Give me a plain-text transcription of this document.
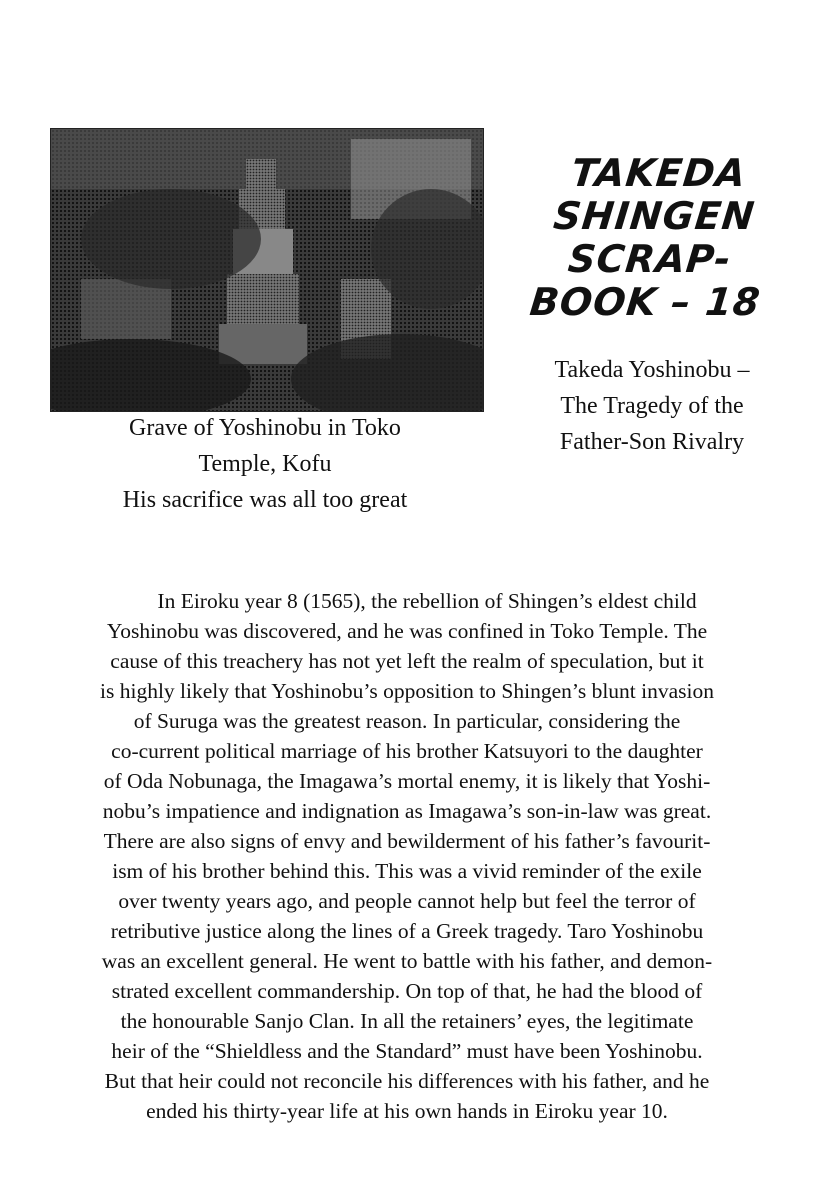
Grave of Yoshinobu in Toko
Temple, Kofu
His sacrifice was all too great
TAKEDA
SHINGEN
SCRAP-
BOOK – 18
Takeda Yoshinobu –
The Tragedy of the
Father-Son Rivalry
In Eiroku year 8 (1565), the rebellion of Shingen’s eldest child
Yoshinobu was discovered, and he was confined in Toko Temple. The
cause of this treachery has not yet left the realm of speculation, but it
is highly likely that Yoshinobu’s opposition to Shingen’s blunt invasion
of Suruga was the greatest reason. In particular, considering the
co-current political marriage of his brother Katsuyori to the daughter
of Oda Nobunaga, the Imagawa’s mortal enemy, it is likely that Yoshi-
nobu’s impatience and indignation as Imagawa’s son-in-law was great.
There are also signs of envy and bewilderment of his father’s favourit-
ism of his brother behind this. This was a vivid reminder of the exile
over twenty years ago, and people cannot help but feel the terror of
retributive justice along the lines of a Greek tragedy. Taro Yoshinobu
was an excellent general. He went to battle with his father, and demon-
strated excellent commandership. On top of that, he had the blood of
the honourable Sanjo Clan. In all the retainers’ eyes, the legitimate
heir of the “Shieldless and the Standard” must have been Yoshinobu.
But that heir could not reconcile his differences with his father, and he
ended his thirty-year life at his own hands in Eiroku year 10.
